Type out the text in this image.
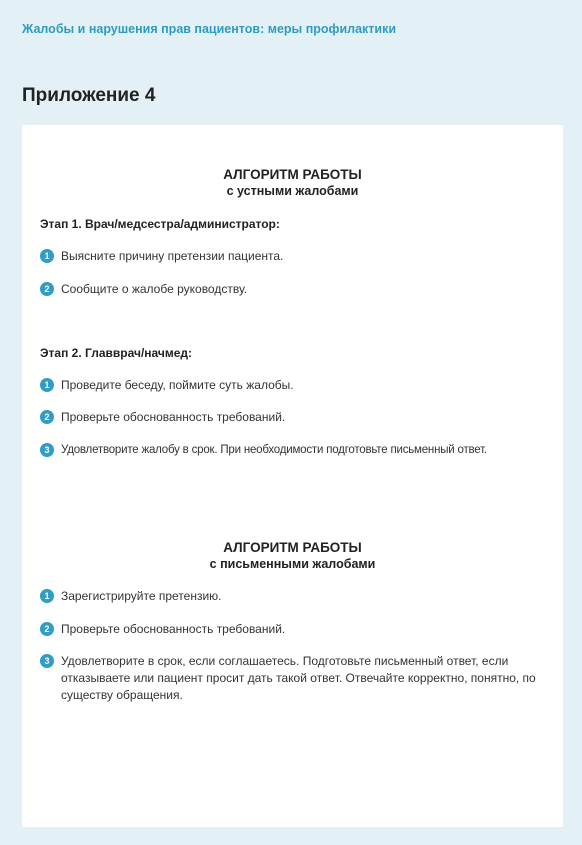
Жалобы и нарушения прав пациентов: меры профилактики
Приложение 4
АЛГОРИТМ РАБОТЫ
с устными жалобами
Этап 1. Врач/медсестра/администратор:
1 Выясните причину претензии пациента.
2 Сообщите о жалобе руководству.
Этап 2. Главврач/начмед:
1 Проведите беседу, поймите суть жалобы.
2 Проверьте обоснованность требований.
3	Удовлетворите жалобу в срок. При необходимости подготовьте письменный ответ.
АЛГОРИТМ РАБОТЫ
с письменными жалобами
1 Зарегистрируйте претензию.
2 Проверьте обоснованность требований.
3 Удовлетворите в срок, если соглашаетесь. Подготовьте письменный ответ, если отказываете или пациент просит дать такой ответ. Отвечайте корректно, понятно, по существу обращения.
